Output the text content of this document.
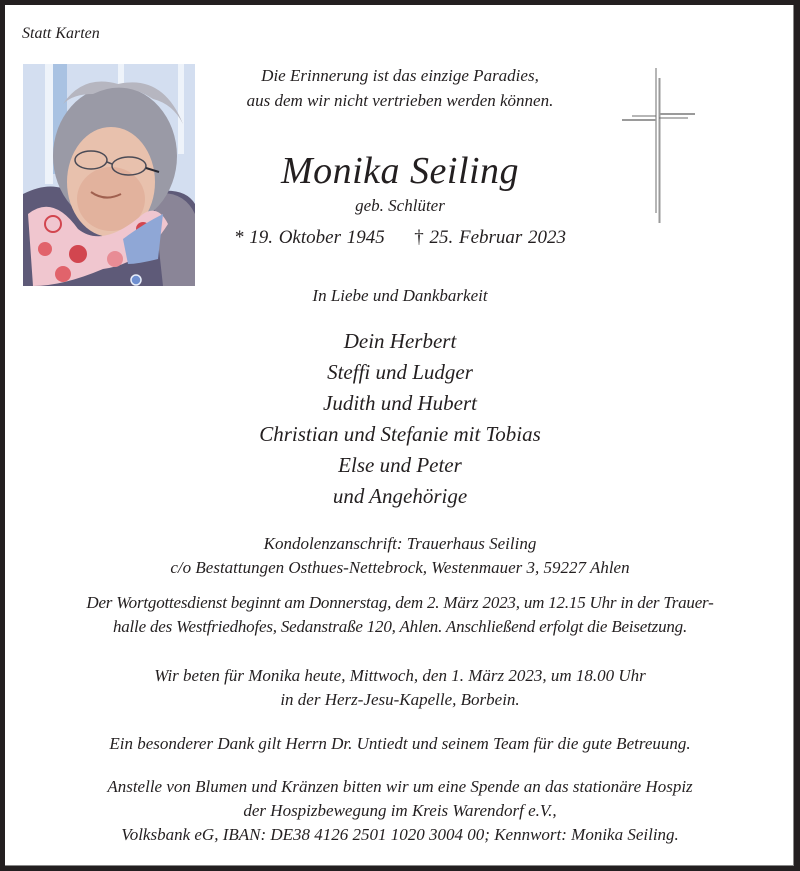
Statt Karten
Die Erinnerung ist das einzige Paradies,
aus dem wir nicht vertrieben werden können.
Monika Seiling
geb. Schlüter
* 19. Oktober 1945 † 25. Februar 2023
In Liebe und Dankbarkeit
Dein Herbert
Steffi und Ludger
Judith und Hubert
Christian und Stefanie mit Tobias
Else und Peter
und Angehörige
Kondolenzanschrift: Trauerhaus Seiling
c/o Bestattungen Osthues-Nettebrock, Westenmauer 3, 59227 Ahlen
Der Wortgottesdienst beginnt am Donnerstag, dem 2. März 2023, um 12.15 Uhr in der Trauer-
halle des Westfriedhofes, Sedanstraße 120, Ahlen. Anschließend erfolgt die Beisetzung.
Wir beten für Monika heute, Mittwoch, den 1. März 2023, um 18.00 Uhr
in der Herz-Jesu-Kapelle, Borbein.
Ein besonderer Dank gilt Herrn Dr. Untiedt und seinem Team für die gute Betreuung.
Anstelle von Blumen und Kränzen bitten wir um eine Spende an das stationäre Hospiz
der Hospizbewegung im Kreis Warendorf e.V.,
Volksbank eG, IBAN: DE38 4126 2501 1020 3004 00; Kennwort: Monika Seiling.
